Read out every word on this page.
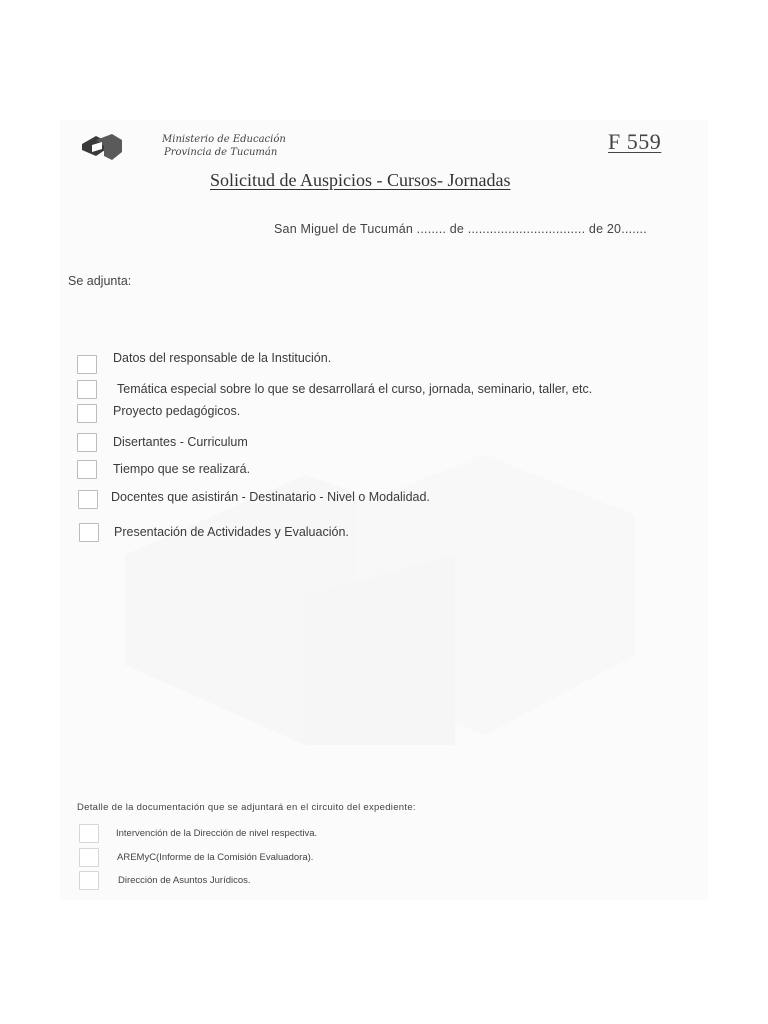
Ministerio de Educación
Provincia de Tucumán	F 559
Solicitud de Auspicios - Cursos- Jornadas
San Miguel de Tucumán ........ de ................................ de 20.......
Se adjunta:
Datos del responsable de la Institución.
Temática especial sobre lo que se desarrollará el curso, jornada, seminario, taller, etc.
Proyecto pedagógicos.
Disertantes - Curriculum
Tiempo que se realizará.
Docentes que asistirán - Destinatario - Nivel o Modalidad.
Presentación de Actividades y Evaluación.
Detalle de la documentación que se adjuntará en el circuito del expediente:
Intervención de la Dirección de nivel respectiva.
AREMyC(Informe de la Comisión Evaluadora).
Dirección de Asuntos Jurídicos.
